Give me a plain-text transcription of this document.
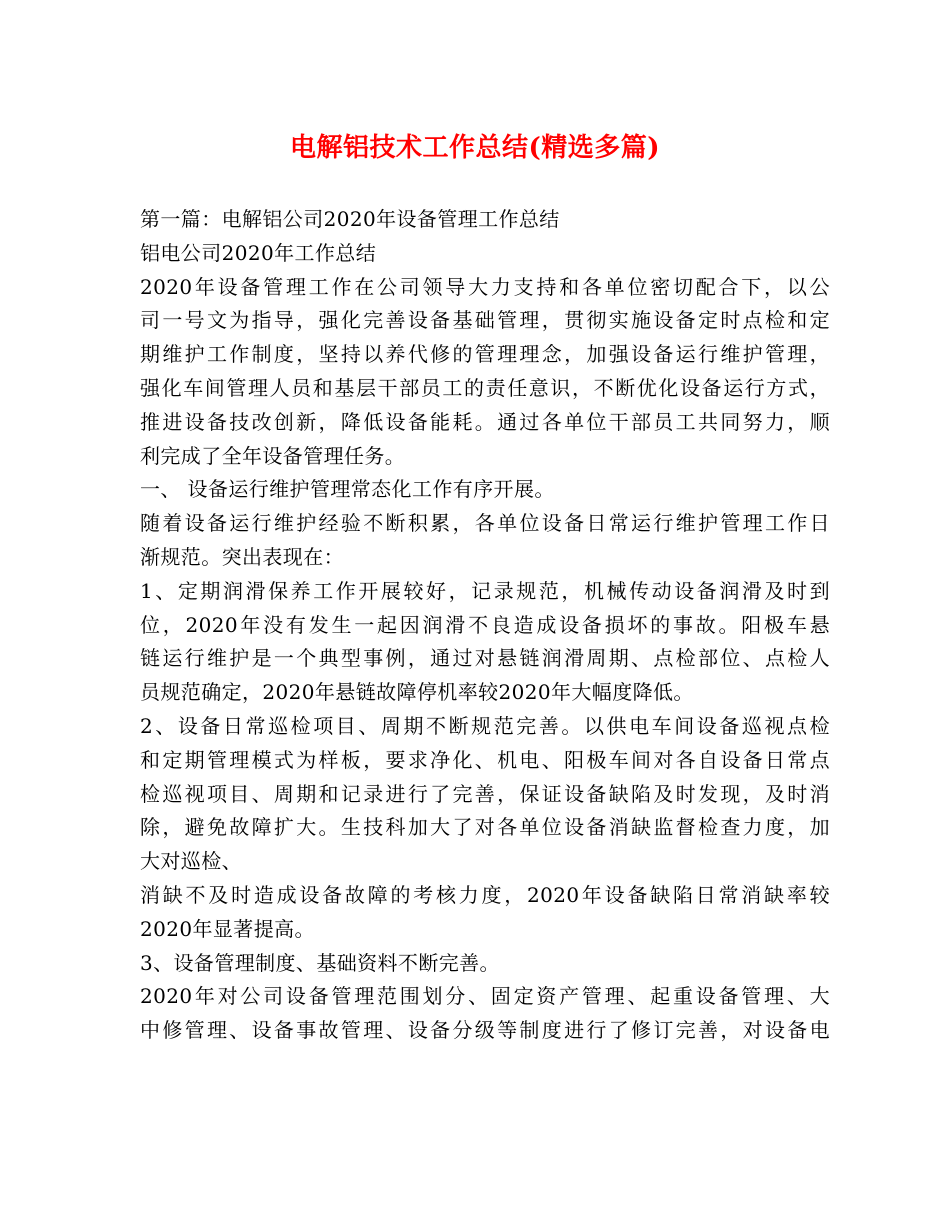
电解铝技术工作总结(精选多篇)
第一篇：电解铝公司2020年设备管理工作总结
铝电公司2020年工作总结
2020年设备管理工作在公司领导大力支持和各单位密切配合下，以公
司一号文为指导，强化完善设备基础管理，贯彻实施设备定时点检和定
期维护工作制度，坚持以养代修的管理理念，加强设备运行维护管理，
强化车间管理人员和基层干部员工的责任意识，不断优化设备运行方式，
推进设备技改创新，降低设备能耗。通过各单位干部员工共同努力，顺
利完成了全年设备管理任务。
一、 设备运行维护管理常态化工作有序开展。
随着设备运行维护经验不断积累，各单位设备日常运行维护管理工作日
渐规范。突出表现在：
1、定期润滑保养工作开展较好，记录规范，机械传动设备润滑及时到
位，2020年没有发生一起因润滑不良造成设备损坏的事故。阳极车悬
链运行维护是一个典型事例，通过对悬链润滑周期、点检部位、点检人
员规范确定，2020年悬链故障停机率较2020年大幅度降低。
2、设备日常巡检项目、周期不断规范完善。以供电车间设备巡视点检
和定期管理模式为样板，要求净化、机电、阳极车间对各自设备日常点
检巡视项目、周期和记录进行了完善，保证设备缺陷及时发现，及时消
除，避免故障扩大。生技科加大了对各单位设备消缺监督检查力度，加
大对巡检、
消缺不及时造成设备故障的考核力度，2020年设备缺陷日常消缺率较
2020年显著提高。
3、设备管理制度、基础资料不断完善。
2020年对公司设备管理范围划分、固定资产管理、起重设备管理、大
中修管理、设备事故管理、设备分级等制度进行了修订完善，对设备电
